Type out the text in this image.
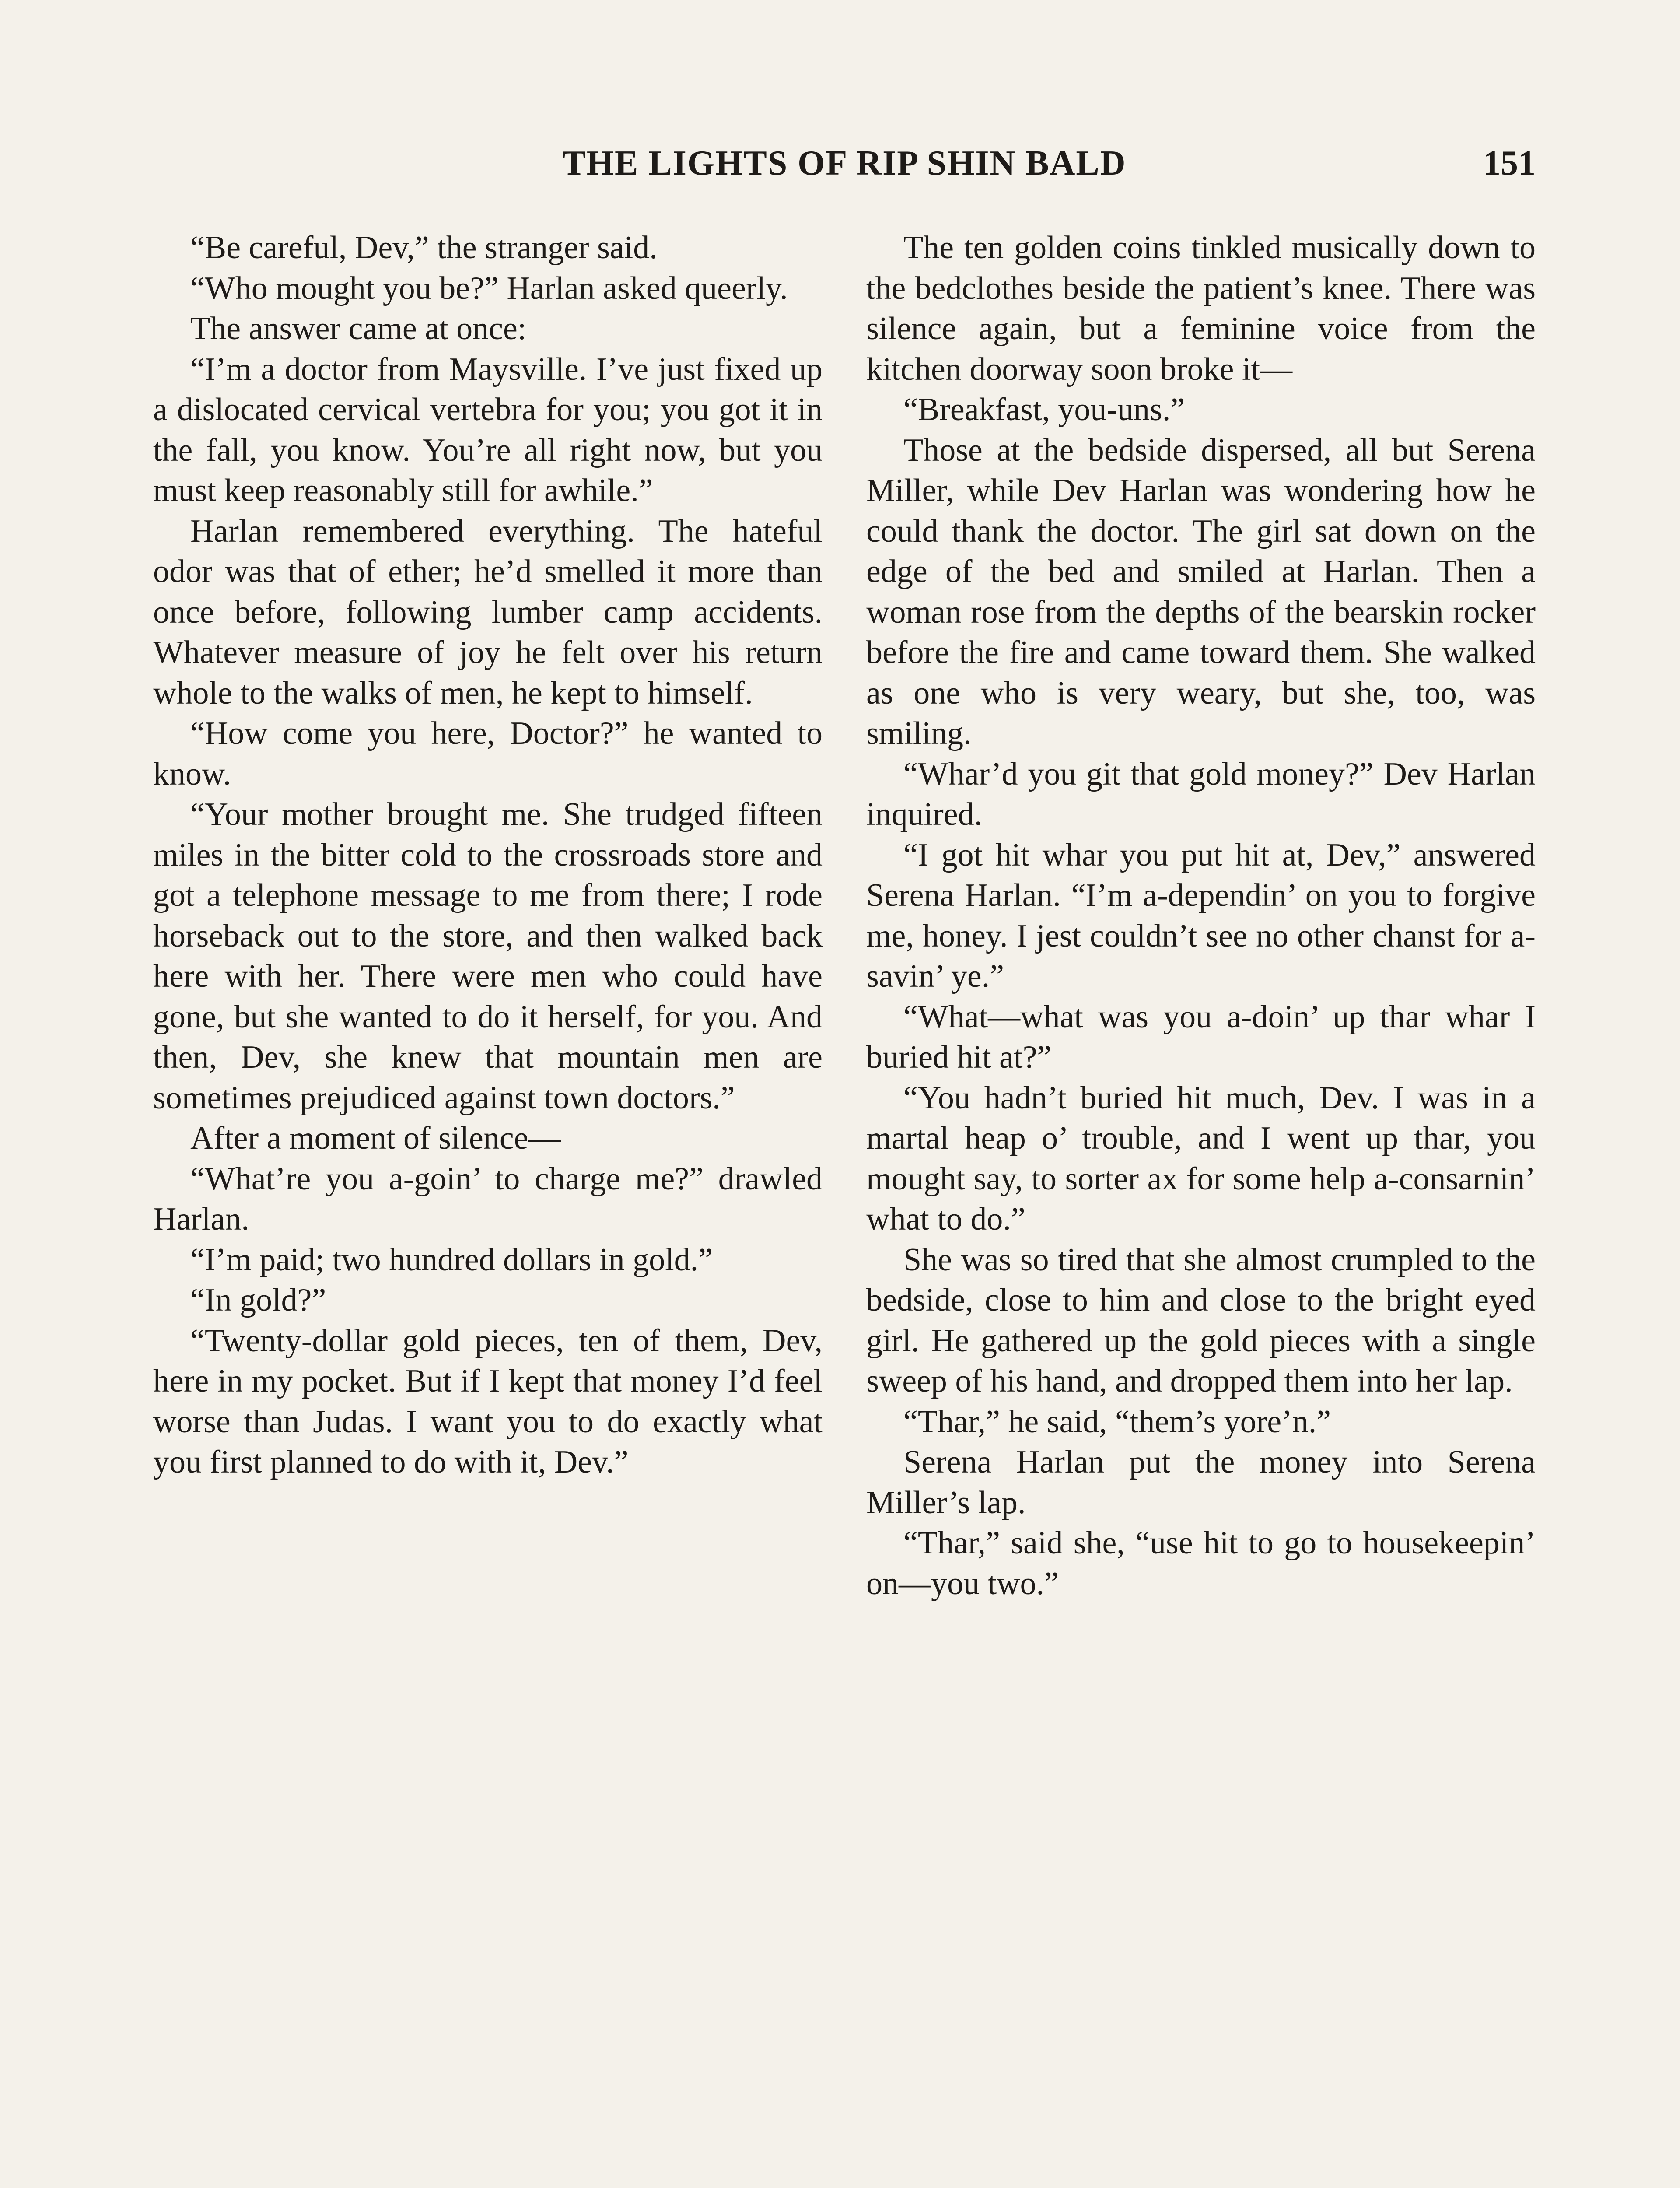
THE LIGHTS OF RIP SHIN BALD	151

“Be careful, Dev,” the stranger said.

“Who mought you be?” Harlan asked queerly.

The answer came at once:

“I’m a doctor from Maysville. I’ve just fixed up a dislocated cervical vertebra for you; you got it in the fall, you know. You’re all right now, but you must keep reasonably still for awhile.”

Harlan remembered everything. The hateful odor was that of ether; he’d smelled it more than once before, following lumber camp accidents. Whatever measure of joy he felt over his return whole to the walks of men, he kept to himself.

“How come you here, Doctor?” he wanted to know.

“Your mother brought me. She trudged fifteen miles in the bitter cold to the crossroads store and got a telephone message to me from there; I rode horseback out to the store, and then walked back here with her. There were men who could have gone, but she wanted to do it herself, for you. And then, Dev, she knew that mountain men are sometimes prejudiced against town doctors.”

After a moment of silence—

“What’re you a-goin’ to charge me?” drawled Harlan.

“I’m paid; two hundred dollars in gold.”

“In gold?”

“Twenty-dollar gold pieces, ten of them, Dev, here in my pocket. But if I kept that money I’d feel worse than Judas. I want you to do exactly what you first planned to do with it, Dev.”

The ten golden coins tinkled musically down to the bedclothes beside the patient’s knee. There was silence again, but a feminine voice from the kitchen doorway soon broke it—

“Breakfast, you-uns.”

Those at the bedside dispersed, all but Serena Miller, while Dev Harlan was wondering how he could thank the doctor. The girl sat down on the edge of the bed and smiled at Harlan. Then a woman rose from the depths of the bearskin rocker before the fire and came toward them. She walked as one who is very weary, but she, too, was smiling.

“Whar’d you git that gold money?” Dev Harlan inquired.

“I got hit whar you put hit at, Dev,” answered Serena Harlan. “I’m a-dependin’ on you to forgive me, honey. I jest couldn’t see no other chanst for a-savin’ ye.”

“What—what was you a-doin’ up thar whar I buried hit at?”

“You hadn’t buried hit much, Dev. I was in a martal heap o’ trouble, and I went up thar, you mought say, to sorter ax for some help a-consarnin’ what to do.”

She was so tired that she almost crumpled to the bedside, close to him and close to the bright eyed girl. He gathered up the gold pieces with a single sweep of his hand, and dropped them into her lap.

“Thar,” he said, “them’s yore’n.”

Serena Harlan put the money into Serena Miller’s lap.

“Thar,” said she, “use hit to go to housekeepin’ on—you two.”
